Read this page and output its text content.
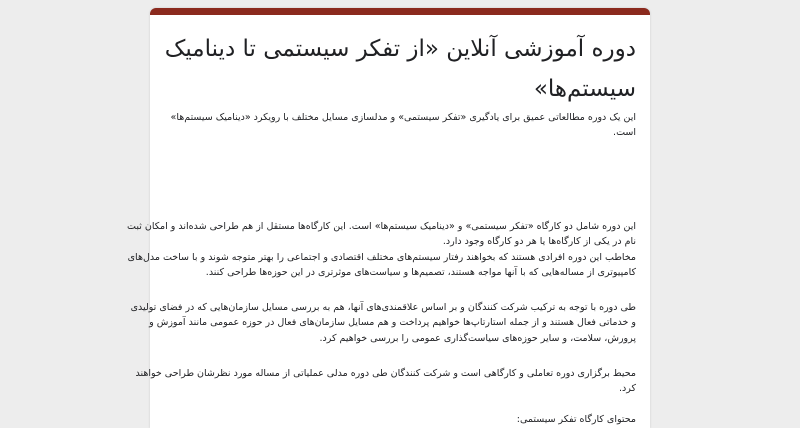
دوره آموزشی آنلاین «از تفکر سیستمی تا دینامیک سیستم‌ها»

این یک دوره مطالعاتی عمیق برای یادگیری «تفکر سیستمی» و مدلسازی مسایل مختلف با رویکرد «دینامیک سیستم‌ها» است.

این دوره شامل دو کارگاه «تفکر سیستمی» و «دینامیک سیستم‌ها» است. این کارگاه‌ها مستقل از هم طراحی شده‌اند و امکان ثبت
نام در یکی از کارگاه‌ها یا هر دو کارگاه وجود دارد.
مخاطب این دوره افرادی هستند که بخواهند رفتار سیستم‌های مختلف اقتصادی و اجتماعی را بهتر متوجه شوند و با ساخت مدل‌های
کامپیوتری از مساله‌هایی که با آنها مواجه هستند، تصمیم‌ها و سیاست‌های موثرتری در این حوزه‌ها طراحی کنند.
طی دوره با توجه به ترکیب شرکت کنندگان و بر اساس علاقمندی‌های آنها، هم به بررسی مسایل سازمان‌هایی که در فضای تولیدی
و خدماتی فعال هستند و از جمله استارتاپ‌ها خواهیم پرداخت و هم مسایل سازمان‌های فعال در حوزه عمومی مانند آموزش و
پرورش، سلامت، و سایر حوزه‌های سیاست‌گذاری عمومی را بررسی خواهیم کرد.
محیط برگزاری دوره تعاملی و کارگاهی است و شرکت کنندگان طی دوره مدلی عملیاتی از مساله مورد نظرشان طراحی خواهند
کرد.
محتوای کارگاه تفکر سیستمی:
